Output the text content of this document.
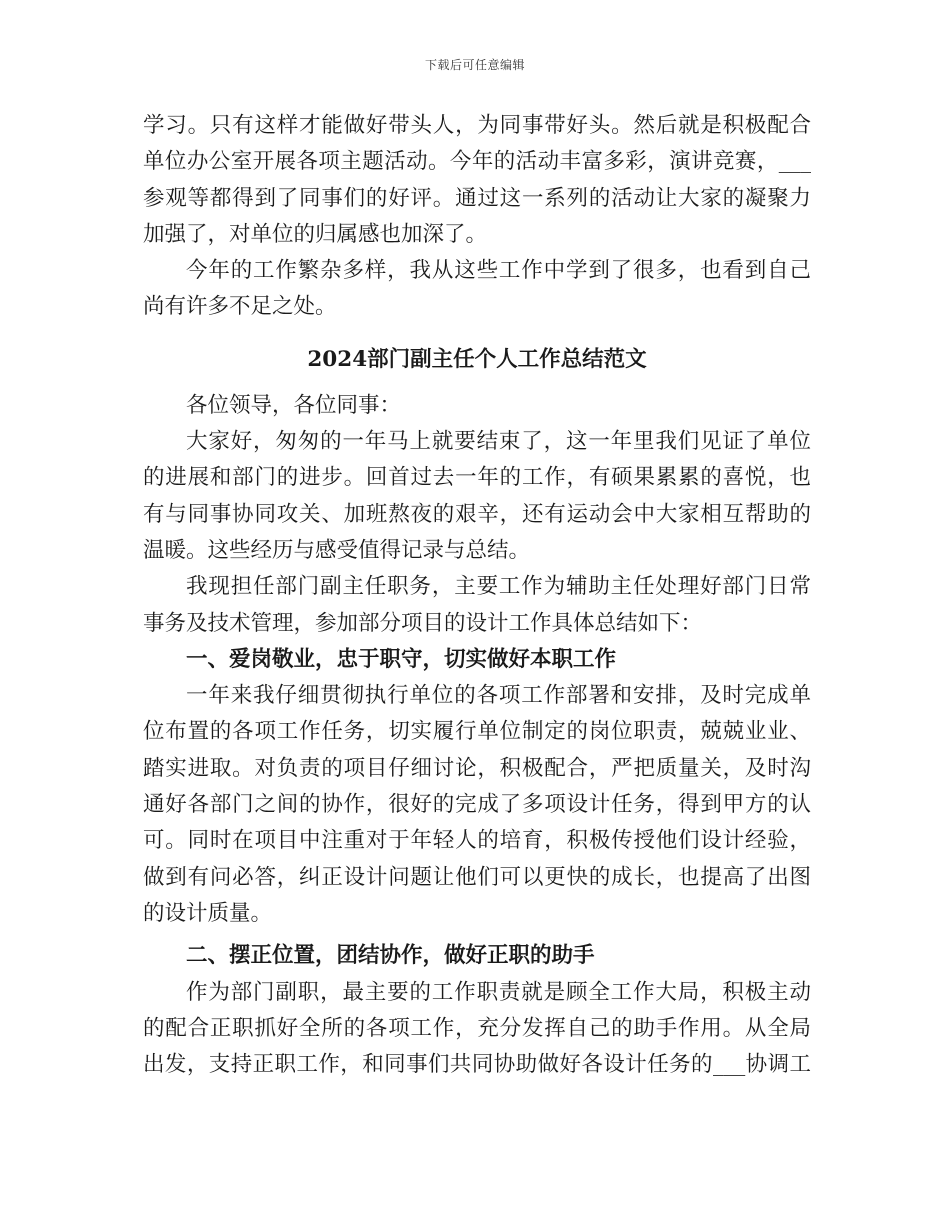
下载后可任意编辑
学习。只有这样才能做好带头人，为同事带好头。然后就是积极配合
单位办公室开展各项主题活动。今年的活动丰富多彩，演讲竞赛，___
参观等都得到了同事们的好评。通过这一系列的活动让大家的凝聚力
加强了，对单位的归属感也加深了。
今年的工作繁杂多样，我从这些工作中学到了很多，也看到自己
尚有许多不足之处。
2024部门副主任个人工作总结范文
各位领导，各位同事：
大家好，匆匆的一年马上就要结束了，这一年里我们见证了单位
的进展和部门的进步。回首过去一年的工作，有硕果累累的喜悦，也
有与同事协同攻关、加班熬夜的艰辛，还有运动会中大家相互帮助的
温暖。这些经历与感受值得记录与总结。
我现担任部门副主任职务，主要工作为辅助主任处理好部门日常
事务及技术管理，参加部分项目的设计工作具体总结如下：
一、爱岗敬业，忠于职守，切实做好本职工作
一年来我仔细贯彻执行单位的各项工作部署和安排，及时完成单
位布置的各项工作任务，切实履行单位制定的岗位职责，兢兢业业、
踏实进取。对负责的项目仔细讨论，积极配合，严把质量关，及时沟
通好各部门之间的协作，很好的完成了多项设计任务，得到甲方的认
可。同时在项目中注重对于年轻人的培育，积极传授他们设计经验，
做到有问必答，纠正设计问题让他们可以更快的成长，也提高了出图
的设计质量。
二、摆正位置，团结协作，做好正职的助手
作为部门副职，最主要的工作职责就是顾全工作大局，积极主动
的配合正职抓好全所的各项工作，充分发挥自己的助手作用。从全局
出发，支持正职工作，和同事们共同协助做好各设计任务的___协调工
